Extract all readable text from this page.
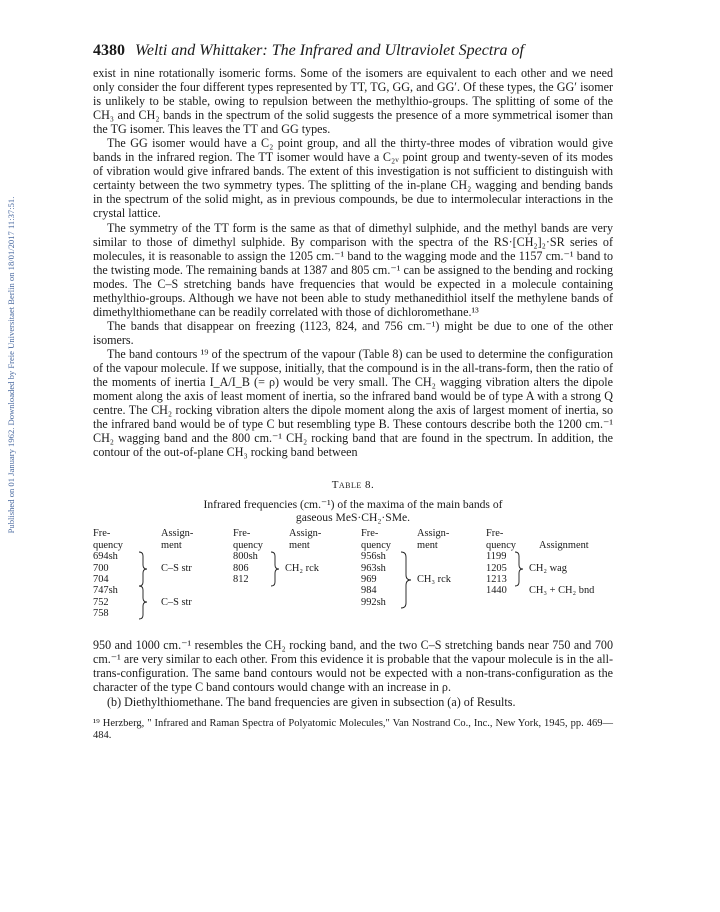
Published on 01 January 1962. Downloaded by Freie Universitaet Berlin on 18/01/2017 11:37:51.
4380 Welti and Whittaker: The Infrared and Ultraviolet Spectra of

exist in nine rotationally isomeric forms. Some of the isomers are equivalent to each other and we need only consider the four different types represented by TT, TG, GG, and GG′. Of these types, the GG′ isomer is unlikely to be stable, owing to repulsion between the methylthio-groups. The splitting of some of the CH₃ and CH₂ bands in the spectrum of the solid suggests the presence of a more symmetrical isomer than the TG isomer. This leaves the TT and GG types.

The GG isomer would have a C₂ point group, and all the thirty-three modes of vibration would give bands in the infrared region. The TT isomer would have a C₂ᵥ point group and twenty-seven of its modes of vibration would give infrared bands. The extent of this investigation is not sufficient to distinguish with certainty between the two symmetry types. The splitting of the in-plane CH₂ wagging and bending bands in the spectrum of the solid might, as in previous compounds, be due to intermolecular interactions in the crystal lattice.

The symmetry of the TT form is the same as that of dimethyl sulphide, and the methyl bands are very similar to those of dimethyl sulphide. By comparison with the spectra of the RS·[CH₂]₂·SR series of molecules, it is reasonable to assign the 1205 cm.⁻¹ band to the wagging mode and the 1157 cm.⁻¹ band to the twisting mode. The remaining bands at 1387 and 805 cm.⁻¹ can be assigned to the bending and rocking modes. The C–S stretching bands have frequencies that would be expected in a molecule containing methylthio-groups. Although we have not been able to study methanedithiol itself the methylene bands of dimethylthiomethane can be readily correlated with those of dichloromethane.¹³

The bands that disappear on freezing (1123, 824, and 756 cm.⁻¹) might be due to one of the other isomers.

The band contours ¹⁹ of the spectrum of the vapour (Table 8) can be used to determine the configuration of the vapour molecule. If we suppose, initially, that the compound is in the all-trans-form, then the ratio of the moments of inertia I_A/I_B (= ρ) would be very small. The CH₂ wagging vibration alters the dipole moment along the axis of least moment of inertia, so the infrared band would be of type A with a strong Q centre. The CH₂ rocking vibration alters the dipole moment along the axis of largest moment of inertia, so the infrared band would be of type C but resembling type B. These contours describe both the 1200 cm.⁻¹ CH₂ wagging band and the 800 cm.⁻¹ CH₂ rocking band that are found in the spectrum. In addition, the contour of the out-of-plane CH₃ rocking band between

Table 8.
Infrared frequencies (cm.⁻¹) of the maxima of the main bands of
gaseous MeS·CH₂·SMe.
Fre-
quency
Assign-
ment
Fre-
quency
Assign-
ment
Fre-
quency
Assign-
ment
Fre-
quency Assignment
694sh
700
704
747sh
752
758
C–S str
C–S str
800sh
806
812
CH₂ rck
956sh
963sh
969
984
992sh
CH₃ rck
1199
1205
1213
1440
CH₂ wag
CH₃ + CH₂ bnd

950 and 1000 cm.⁻¹ resembles the CH₂ rocking band, and the two C–S stretching bands near 750 and 700 cm.⁻¹ are very similar to each other. From this evidence it is probable that the vapour molecule is in the all-trans-configuration. The same band contours would not be expected with a non-trans-configuration as the character of the type C band contours would change with an increase in ρ.

(b) Diethylthiomethane. The band frequencies are given in subsection (a) of Results.

¹⁹ Herzberg, " Infrared and Raman Spectra of Polyatomic Molecules," Van Nostrand Co., Inc., New York, 1945, pp. 469—484.
